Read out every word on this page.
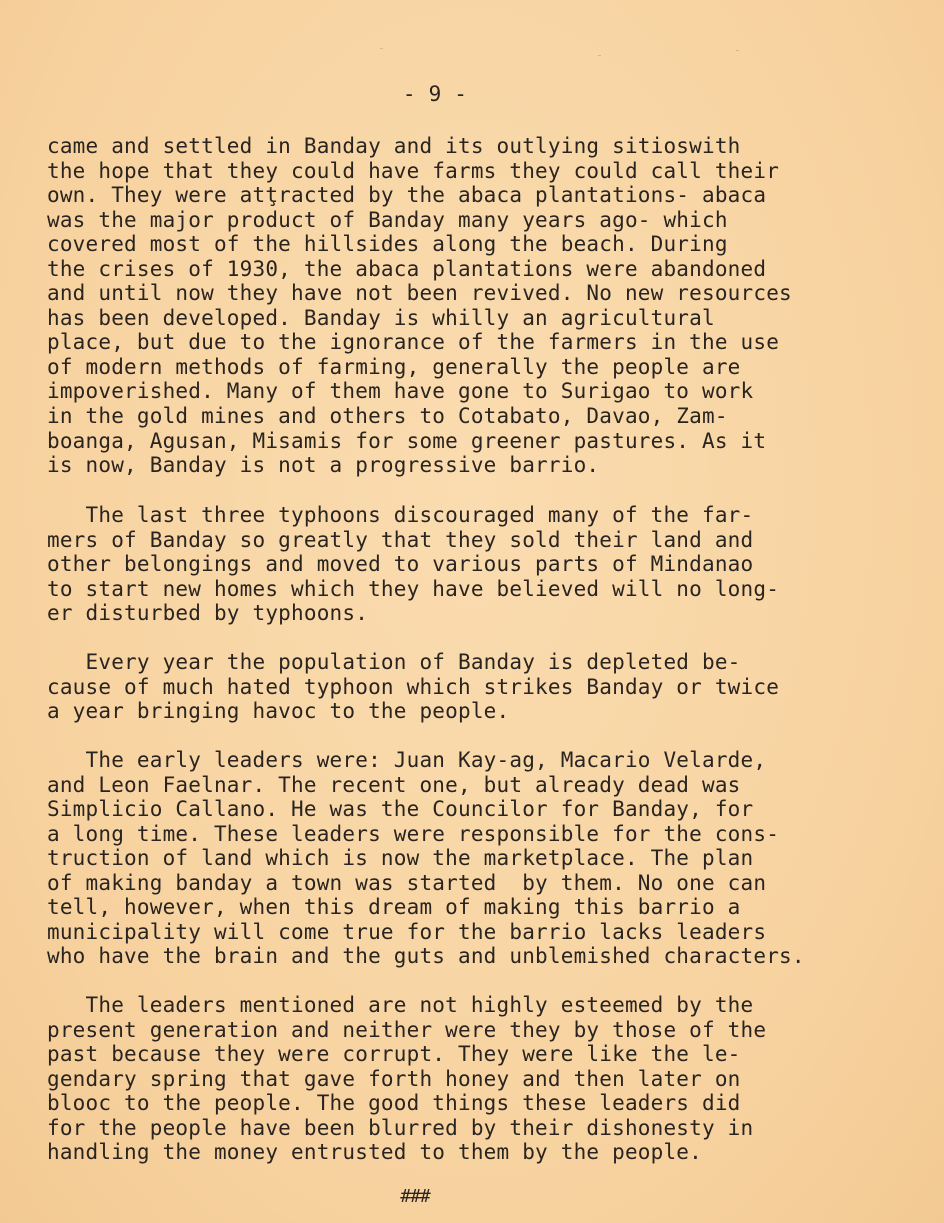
- 9 -
came and settled in Banday and its outlying sitioswith
the hope that they could have farms they could call their
own. They were atţracted by the abaca plantations- abaca
was the major product of Banday many years ago- which
covered most of the hillsides along the beach. During
the crises of 1930, the abaca plantations were abandoned
and until now they have not been revived. No new resources
has been developed. Banday is whilly an agricultural
place, but due to the ignorance of the farmers in the use
of modern methods of farming, generally the people are
impoverished. Many of them have gone to Surigao to work
in the gold mines and others to Cotabato, Davao, Zam-
boanga, Agusan, Misamis for some greener pastures. As it
is now, Banday is not a progressive barrio.
The last three typhoons discouraged many of the far-
mers of Banday so greatly that they sold their land and
other belongings and moved to various parts of Mindanao
to start new homes which they have believed will no long-
er disturbed by typhoons.
Every year the population of Banday is depleted be-
cause of much hated typhoon which strikes Banday or twice
a year bringing havoc to the people.
The early leaders were: Juan Kay-ag, Macario Velarde,
and Leon Faelnar. The recent one, but already dead was
Simplicio Callano. He was the Councilor for Banday, for
a long time. These leaders were responsible for the cons-
truction of land which is now the marketplace. The plan
of making banday a town was started  by them. No one can
tell, however, when this dream of making this barrio a
municipality will come true for the barrio lacks leaders
who have the brain and the guts and unblemished characters.
The leaders mentioned are not highly esteemed by the
present generation and neither were they by those of the
past because they were corrupt. They were like the le-
gendary spring that gave forth honey and then later on
blooc to the people. The good things these leaders did
for the people have been blurred by their dishonesty in
handling the money entrusted to them by the people.
###
